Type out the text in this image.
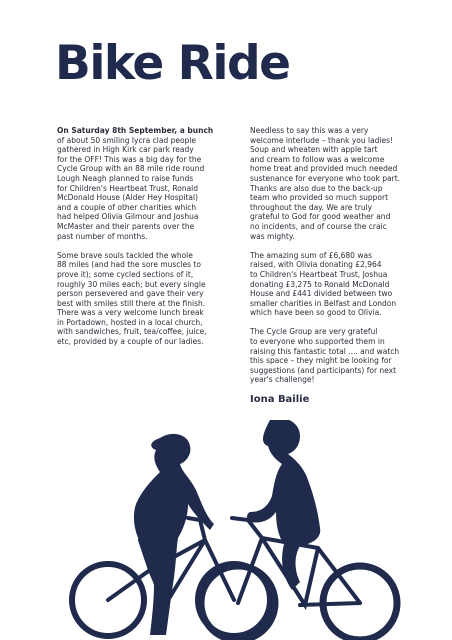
Bike Ride

On Saturday 8th September, a bunch
of about 50 smiling lycra clad people
gathered in High Kirk car park ready
for the OFF! This was a big day for the
Cycle Group with an 88 mile ride round
Lough Neagh planned to raise funds
for Children's Heartbeat Trust, Ronald
McDonald House (Alder Hey Hospital)
and a couple of other charities which
had helped Olivia Gilmour and Joshua
McMaster and their parents over the
past number of months.

Some brave souls tackled the whole
88 miles (and had the sore muscles to
prove it); some cycled sections of it,
roughly 30 miles each; but every single
person persevered and gave their very
best with smiles still there at the finish.
There was a very welcome lunch break
in Portadown, hosted in a local church,
with sandwiches, fruit, tea/coffee, juice,
etc, provided by a couple of our ladies.

Needless to say this was a very
welcome interlude – thank you ladies!
Soup and wheaten with apple tart
and cream to follow was a welcome
home treat and provided much needed
sustenance for everyone who took part.
Thanks are also due to the back-up
team who provided so much support
throughout the day. We are truly
grateful to God for good weather and
no incidents, and of course the craic
was mighty.

The amazing sum of £6,680 was
raised, with Olivia donating £2,964
to Children's Heartbeat Trust, Joshua
donating £3,275 to Ronald McDonald
House and £441 divided between two
smaller charities in Belfast and London
which have been so good to Olivia.

The Cycle Group are very grateful
to everyone who supported them in
raising this fantastic total .... and watch
this space – they might be looking for
suggestions (and participants) for next
year's challenge!

Iona Bailie
